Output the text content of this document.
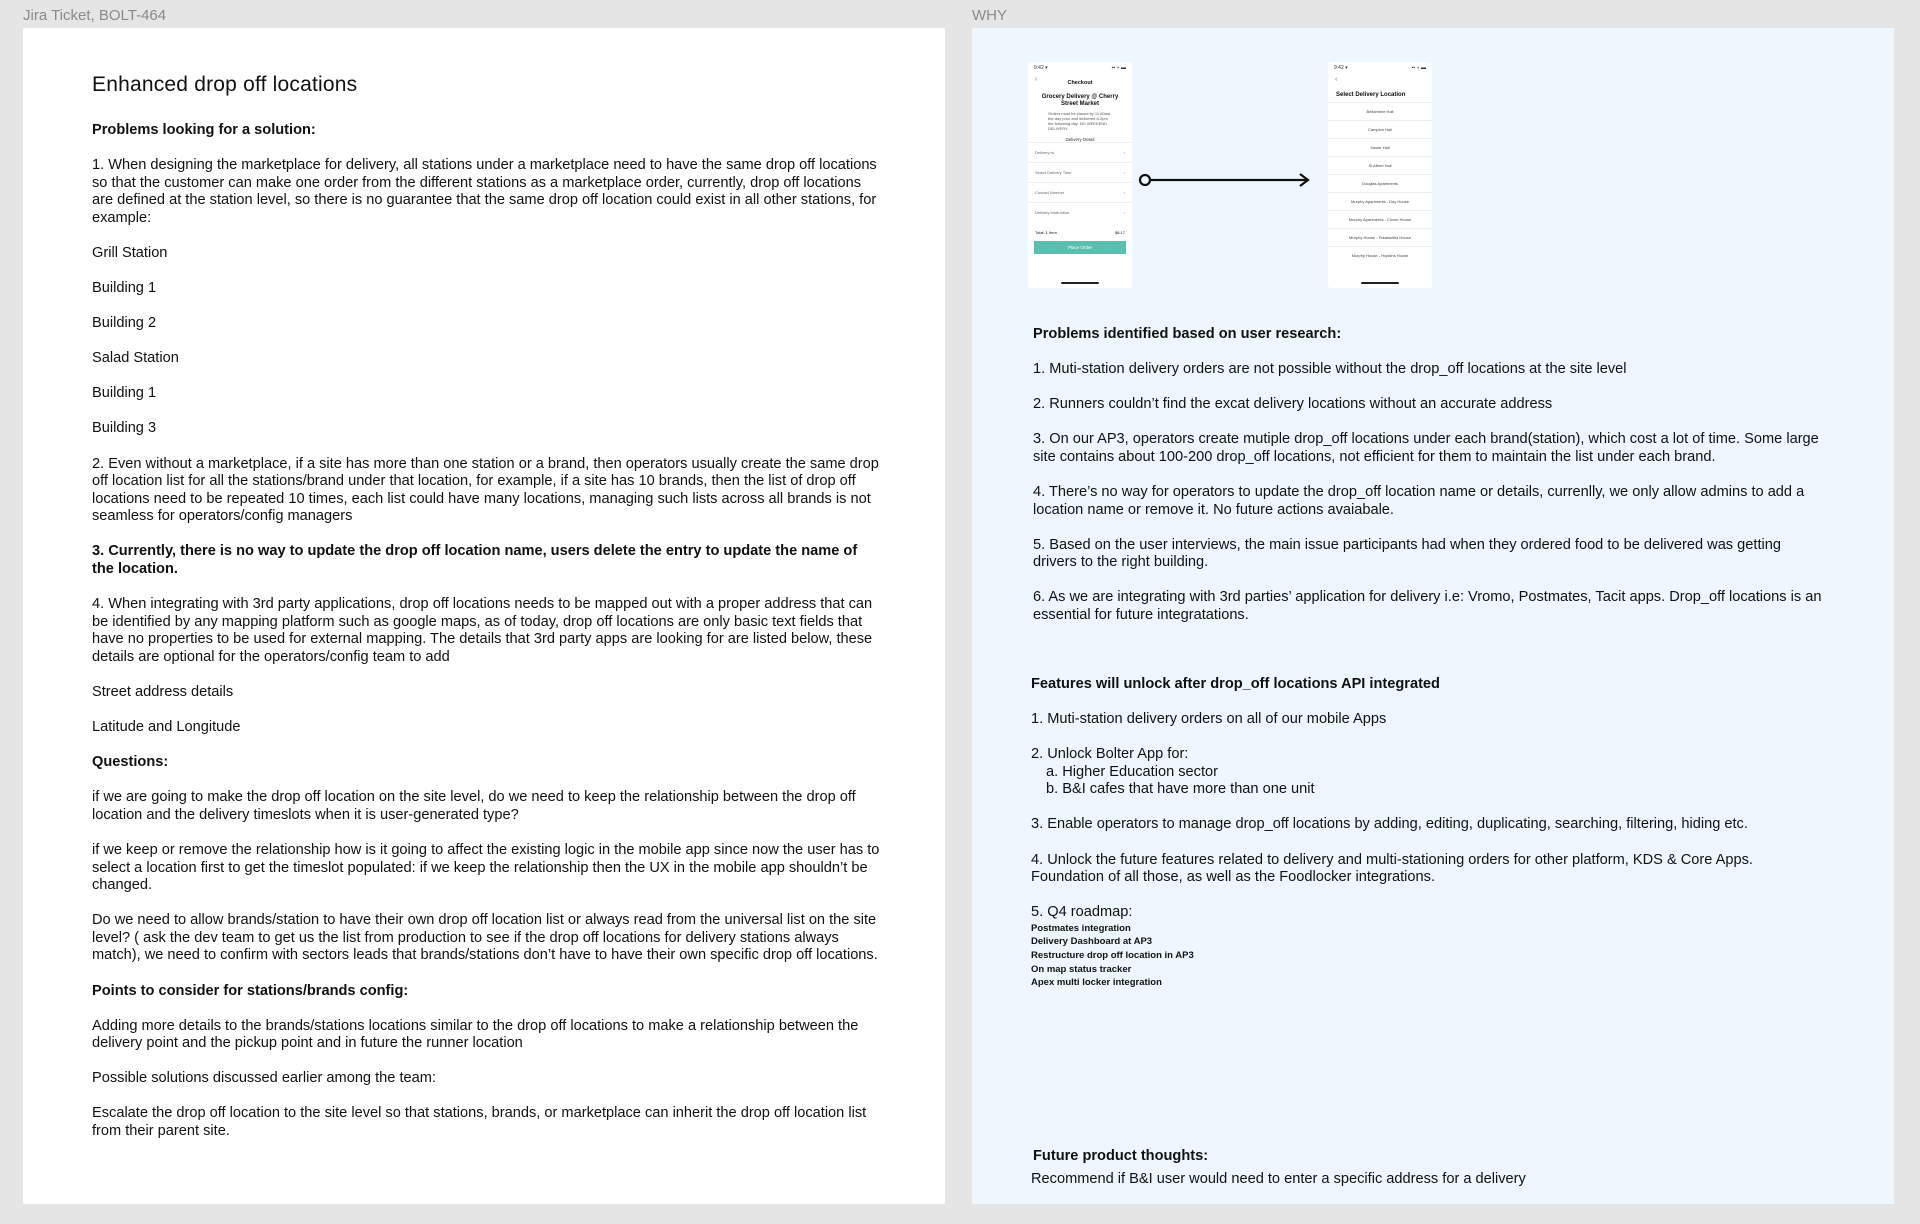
Jira Ticket, BOLT-464	WHY
Enhanced drop off locations

Problems looking for a solution:

1. When designing the marketplace for delivery, all stations under a marketplace need to have the same drop off locations so that the customer can make one order from the different stations as a marketplace order, currently, drop off locations are defined at the station level, so there is no guarantee that the same drop off location could exist in all other stations, for example:

Grill Station

Building 1

Building 2

Salad Station

Building 1

Building 3

2. Even without a marketplace, if a site has more than one station or a brand, then operators usually create the same drop off location list for all the stations/brand under that location, for example, if a site has 10 brands, then the list of drop off locations need to be repeated 10 times, each list could have many locations, managing such lists across all brands is not seamless for operators/config managers

3. Currently, there is no way to update the drop off location name, users delete the entry to update the name of the location.

4. When integrating with 3rd party applications, drop off locations needs to be mapped out with a proper address that can be identified by any mapping platform such as google maps, as of today, drop off locations are only basic text fields that have no properties to be used for external mapping. The details that 3rd party apps are looking for are listed below, these details are optional for the operators/config team to add

Street address details

Latitude and Longitude

Questions:

if we are going to make the drop off location on the site level, do we need to keep the relationship between the drop off location and the delivery timeslots when it is user-generated type?

if we keep or remove the relationship how is it going to affect the existing logic in the mobile app since now the user has to select a location first to get the timeslot populated: if we keep the relationship then the UX in the mobile app shouldn’t be changed.

Do we need to allow brands/station to have their own drop off location list or always read from the universal list on the site level? ( ask the dev team to get us the list from production to see if the drop off locations for delivery stations always match), we need to confirm with sectors leads that brands/stations don’t have to have their own specific drop off locations.

Points to consider for stations/brands config:

Adding more details to the brands/stations locations similar to the drop off locations to make a relationship between the delivery point and the pickup point and in future the runner location

Possible solutions discussed earlier among the team:

Escalate the drop off location to the site level so that stations, brands, or marketplace can inherit the drop off location list from their parent site.

9:42 ▾	▪▪ ◗ ▬
‹	Checkout
Grocery Delivery @ Cherry Street Market
Orders must be placed by 11:00am the day prior and delivered 8-2pm the following day. NO WEEKEND DELIVERY.
Delivery Detail
Delivery to	›
Select Delivery Time	›
Contact Number	›
Delivery Instruction	›
Total: 1 Item	$8.17
Place Order
9:42 ▾	▪▪ ◗ ▬
‹
Select Delivery Location
Bellarmine Hall
Campion Hall
Xavier Hall
St Albert Hall
Douglas Apartments
Murphy Apartments - Day House
Murphy Apartments - Clover House
Murphy House - Tekakwitha House
Murphy House - Hopkins House

Problems identified based on user research:

1. Muti-station delivery orders are not possible without the drop_off locations at the site level

2. Runners couldn’t find the excat delivery locations without an accurate address

3. On our AP3, operators create mutiple drop_off locations under each brand(station), which cost a lot of time. Some large site contains about 100-200 drop_off locations, not efficient for them to maintain the list under each brand.

4. There’s no way for operators to update the drop_off location name or details, currenlly, we only allow admins to add a location name or remove it. No future actions avaiabale.

5. Based on the user interviews, the main issue participants had when they ordered food to be delivered was getting drivers to the right building.

6. As we are integrating with 3rd parties’ application for delivery i.e: Vromo, Postmates, Tacit apps. Drop_off locations is an essential for future integratations.

Features will unlock after drop_off locations API integrated

1. Muti-station delivery orders on all of our mobile Apps

2. Unlock Bolter App for:
a. Higher Education sector
b. B&I cafes that have more than one unit

3. Enable operators to manage drop_off locations by adding, editing, duplicating, searching, filtering, hiding etc.

4. Unlock the future features related to delivery and multi-stationing orders for other platform, KDS & Core Apps. Foundation of all those, as well as the Foodlocker integrations.

5. Q4 roadmap:
Postmates integration
Delivery Dashboard at AP3
Restructure drop off location in AP3
On map status tracker
Apex multi locker integration
Future product thoughts:
Recommend if B&I user would need to enter a specific address for a delivery
